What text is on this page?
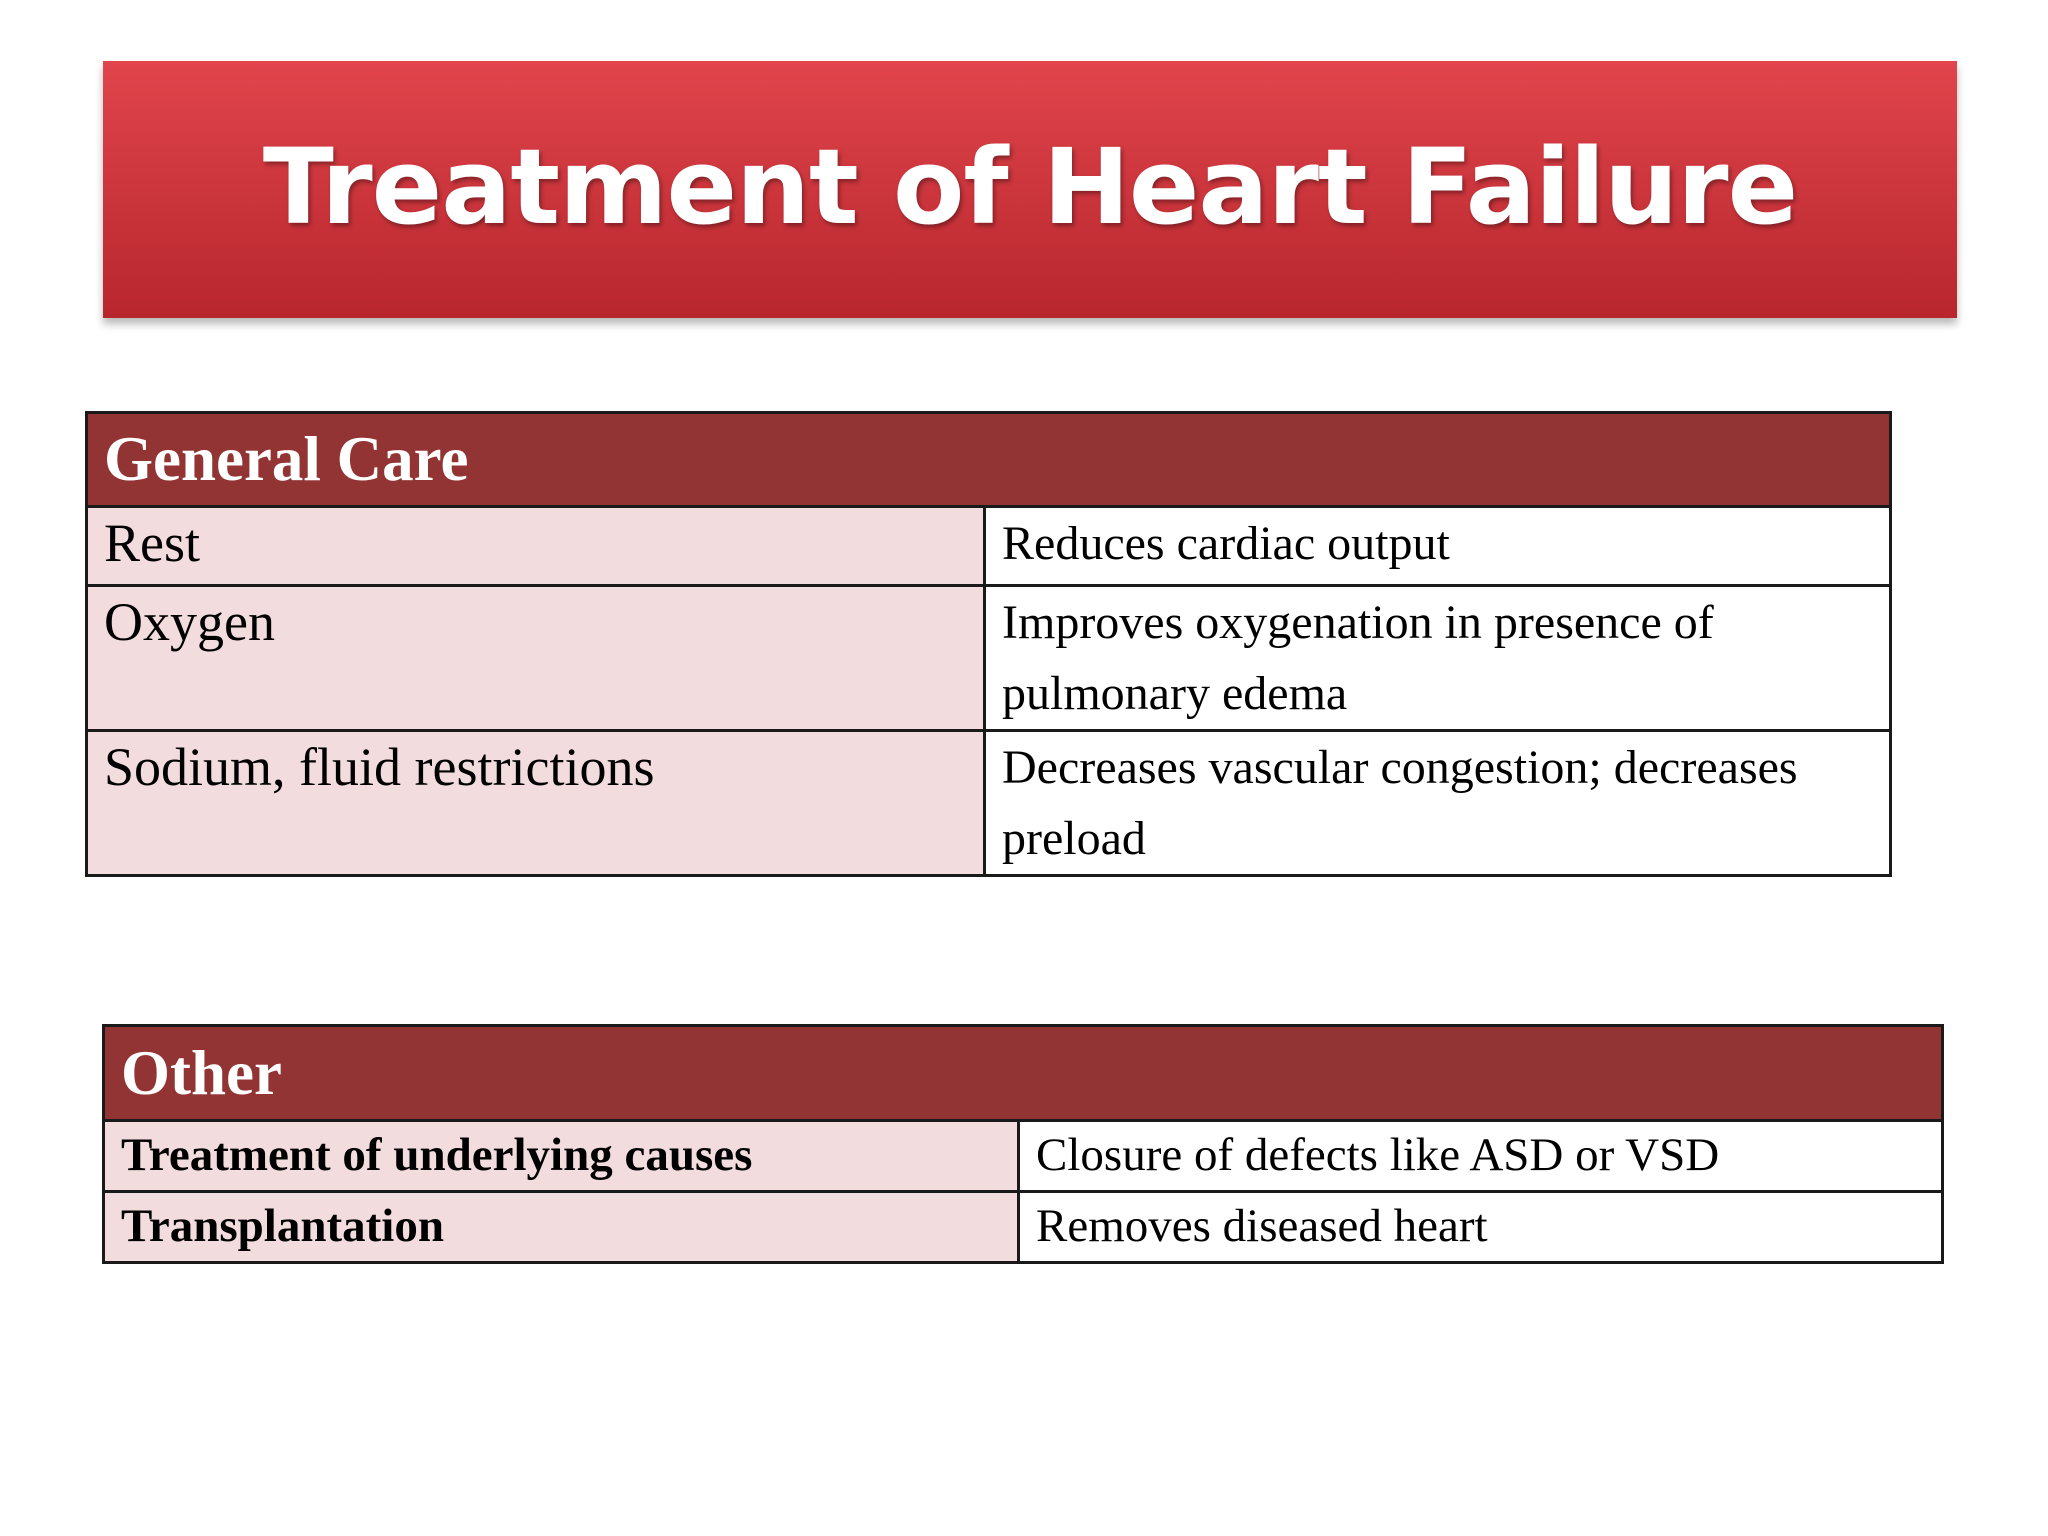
Treatment of Heart Failure
General Care	
Rest	Reduces cardiac output
Oxygen	Improves oxygenation in presence of pulmonary edema
Sodium, fluid restrictions	Decreases vascular congestion; decreases preload
Other	
Treatment of underlying causes	Closure of defects like ASD or VSD
Transplantation	Removes diseased heart
